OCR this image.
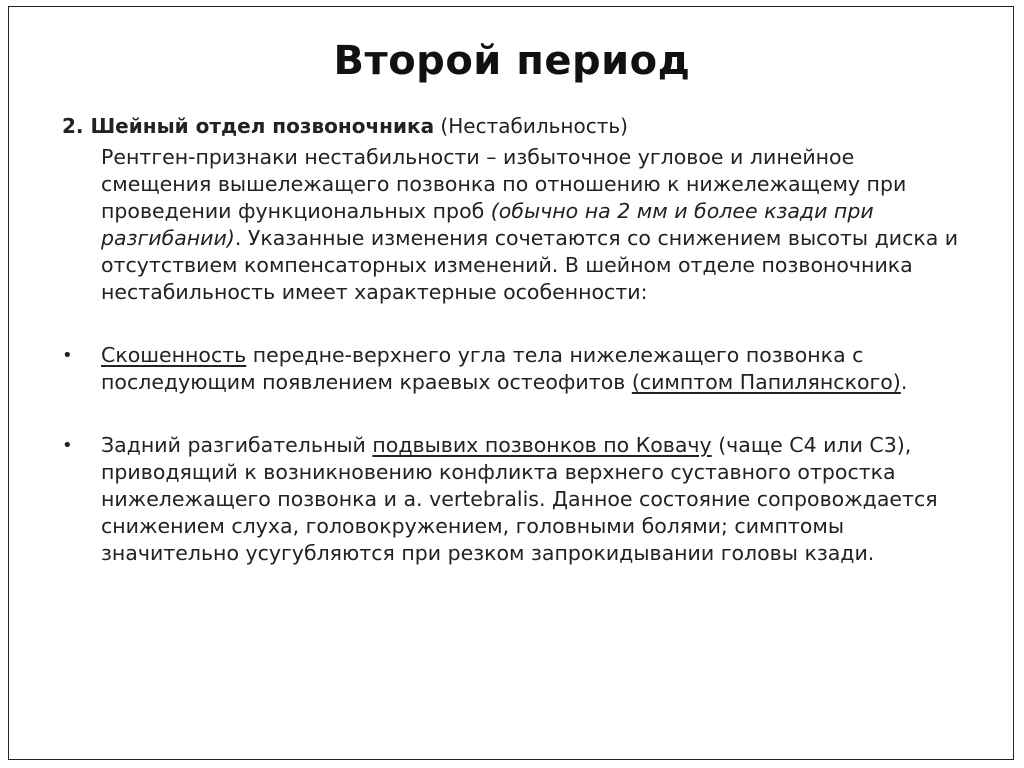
Второй период

2. Шейный отдел позвоночника (Нестабильность)

Рентген-признаки нестабильности – избыточное угловое и линейное смещения вышележащего позвонка по отношению к нижележащему при проведении функциональных проб (обычно на 2 мм и более кзади при разгибании). Указанные изменения сочетаются со снижением высоты диска и отсутствием компенсаторных изменений. В шейном отделе позвоночника нестабильность имеет характерные особенности:

• Скошенность передне-верхнего угла тела нижележащего позвонка с последующим появлением краевых остеофитов (симптом Папилянского).
• Задний разгибательный подвывих позвонков по Ковачу (чаще С4 или С3), приводящий к возникновению конфликта верхнего суставного отростка нижележащего позвонка и a. vertebralis. Данное состояние сопровождается снижением слуха, головокружением, головными болями; симптомы значительно усугубляются при резком запрокидывании головы кзади.
